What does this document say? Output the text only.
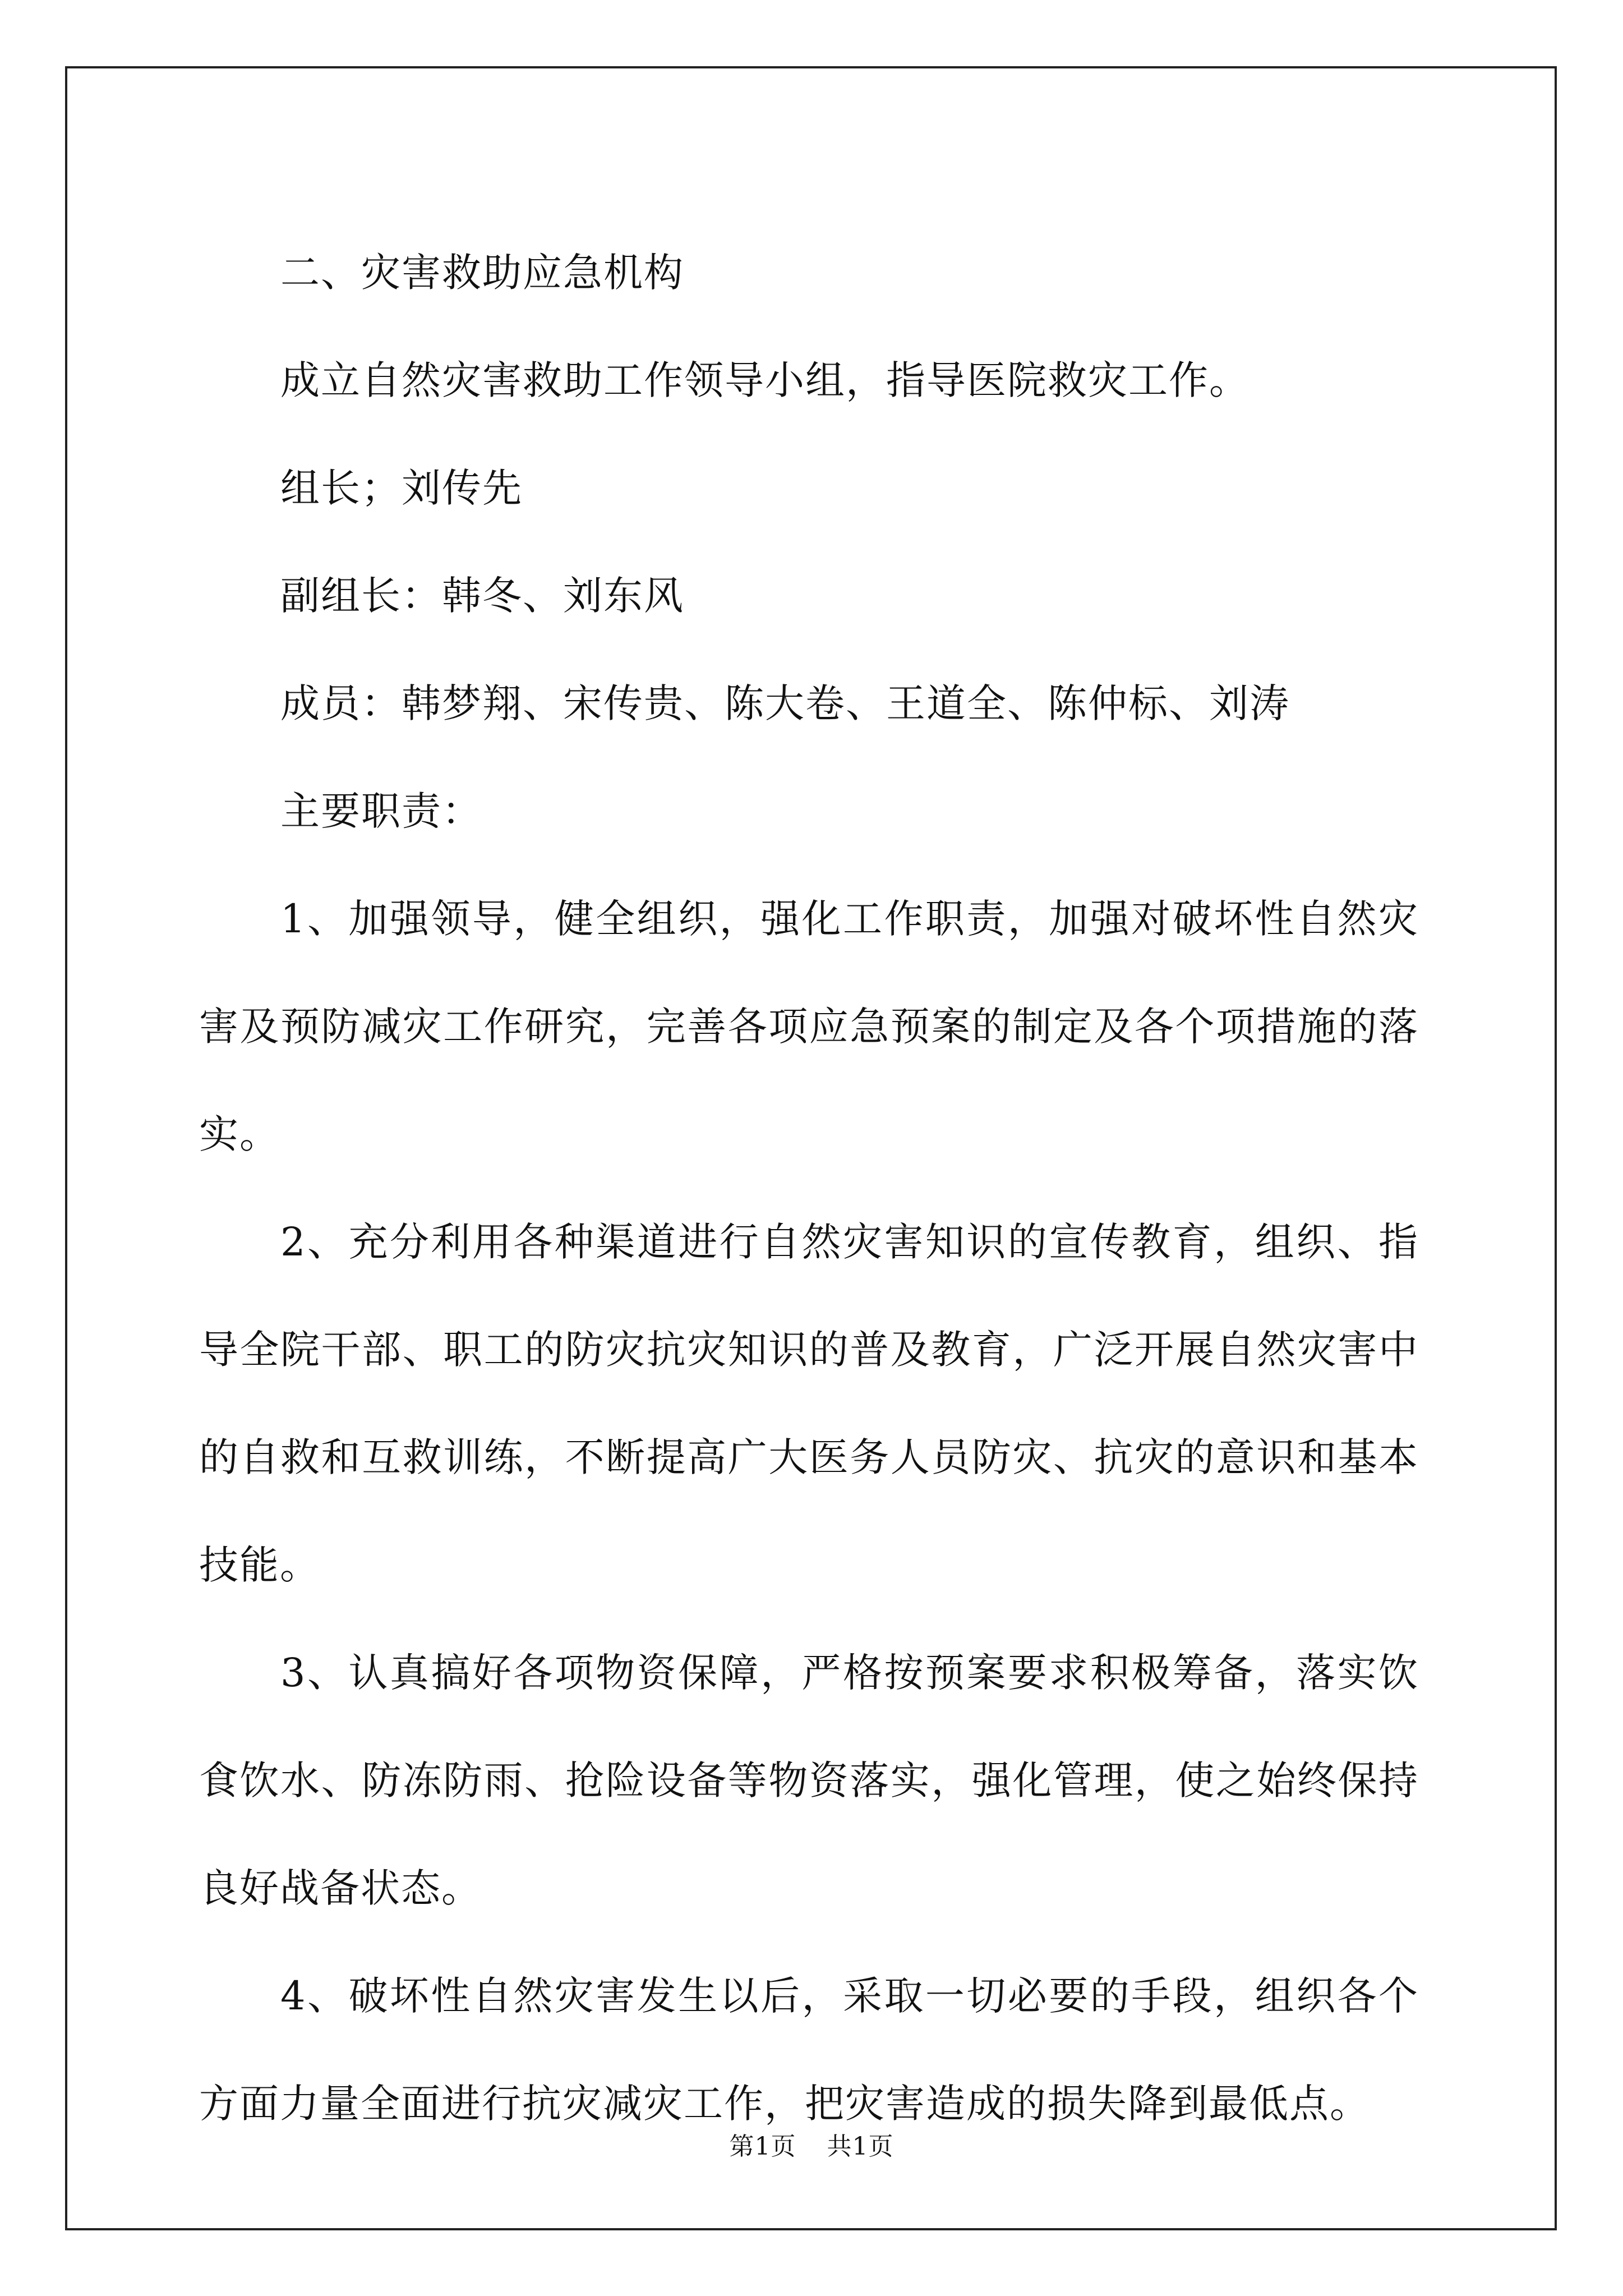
二、灾害救助应急机构

成立自然灾害救助工作领导小组，指导医院救灾工作。

组长；刘传先

副组长：韩冬、刘东风

成员：韩梦翔、宋传贵、陈大卷、王道全、陈仲标、刘涛

主要职责：

1、加强领导，健全组织，强化工作职责，加强对破坏性自然灾害及预防减灾工作研究，完善各项应急预案的制定及各个项措施的落实。

2、充分利用各种渠道进行自然灾害知识的宣传教育，组织、指导全院干部、职工的防灾抗灾知识的普及教育，广泛开展自然灾害中的自救和互救训练，不断提高广大医务人员防灾、抗灾的意识和基本技能。

3、认真搞好各项物资保障，严格按预案要求积极筹备，落实饮食饮水、防冻防雨、抢险设备等物资落实，强化管理，使之始终保持良好战备状态。

4、破坏性自然灾害发生以后，采取一切必要的手段，组织各个方面力量全面进行抗灾减灾工作，把灾害造成的损失降到最低点。

第1页 共1页
